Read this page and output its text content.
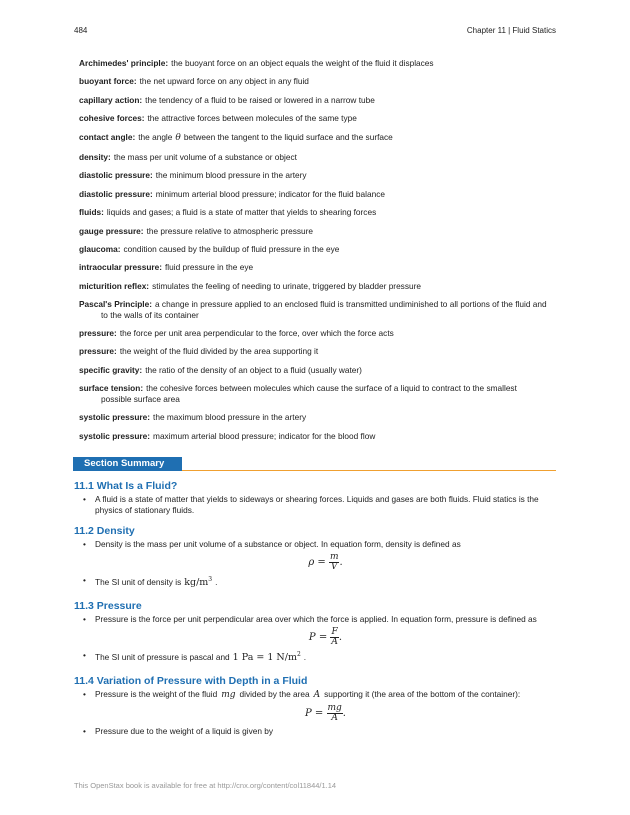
484	Chapter 11 | Fluid Statics
Archimedes' principle: the buoyant force on an object equals the weight of the fluid it displaces
buoyant force: the net upward force on any object in any fluid
capillary action: the tendency of a fluid to be raised or lowered in a narrow tube
cohesive forces: the attractive forces between molecules of the same type
contact angle: the angle θ between the tangent to the liquid surface and the surface
density: the mass per unit volume of a substance or object
diastolic pressure: the minimum blood pressure in the artery
diastolic pressure: minimum arterial blood pressure; indicator for the fluid balance
fluids: liquids and gases; a fluid is a state of matter that yields to shearing forces
gauge pressure: the pressure relative to atmospheric pressure
glaucoma: condition caused by the buildup of fluid pressure in the eye
intraocular pressure: fluid pressure in the eye
micturition reflex: stimulates the feeling of needing to urinate, triggered by bladder pressure
Pascal's Principle: a change in pressure applied to an enclosed fluid is transmitted undiminished to all portions of the fluid and to the walls of its container
pressure: the force per unit area perpendicular to the force, over which the force acts
pressure: the weight of the fluid divided by the area supporting it
specific gravity: the ratio of the density of an object to a fluid (usually water)
surface tension: the cohesive forces between molecules which cause the surface of a liquid to contract to the smallest possible surface area
systolic pressure: the maximum blood pressure in the artery
systolic pressure: maximum arterial blood pressure; indicator for the blood flow
Section Summary
11.1 What Is a Fluid?
• A fluid is a state of matter that yields to sideways or shearing forces. Liquids and gases are both fluids. Fluid statics is the physics of stationary fluids.
11.2 Density
• Density is the mass per unit volume of a substance or object. In equation form, density is defined as
$\rho = \frac{m}{V}$ .
• The SI unit of density is $kg/m^3$ .
11.3 Pressure
• Pressure is the force per unit perpendicular area over which the force is applied. In equation form, pressure is defined as
$P = \frac{F}{A}$ .
• The SI unit of pressure is pascal and 1 Pa = 1 $N/m^2$ .
11.4 Variation of Pressure with Depth in a Fluid
• Pressure is the weight of the fluid mg divided by the area A supporting it (the area of the bottom of the container):
$P = \frac{mg}{A}$ .
• Pressure due to the weight of a liquid is given by
This OpenStax book is available for free at http://cnx.org/content/col11844/1.14
